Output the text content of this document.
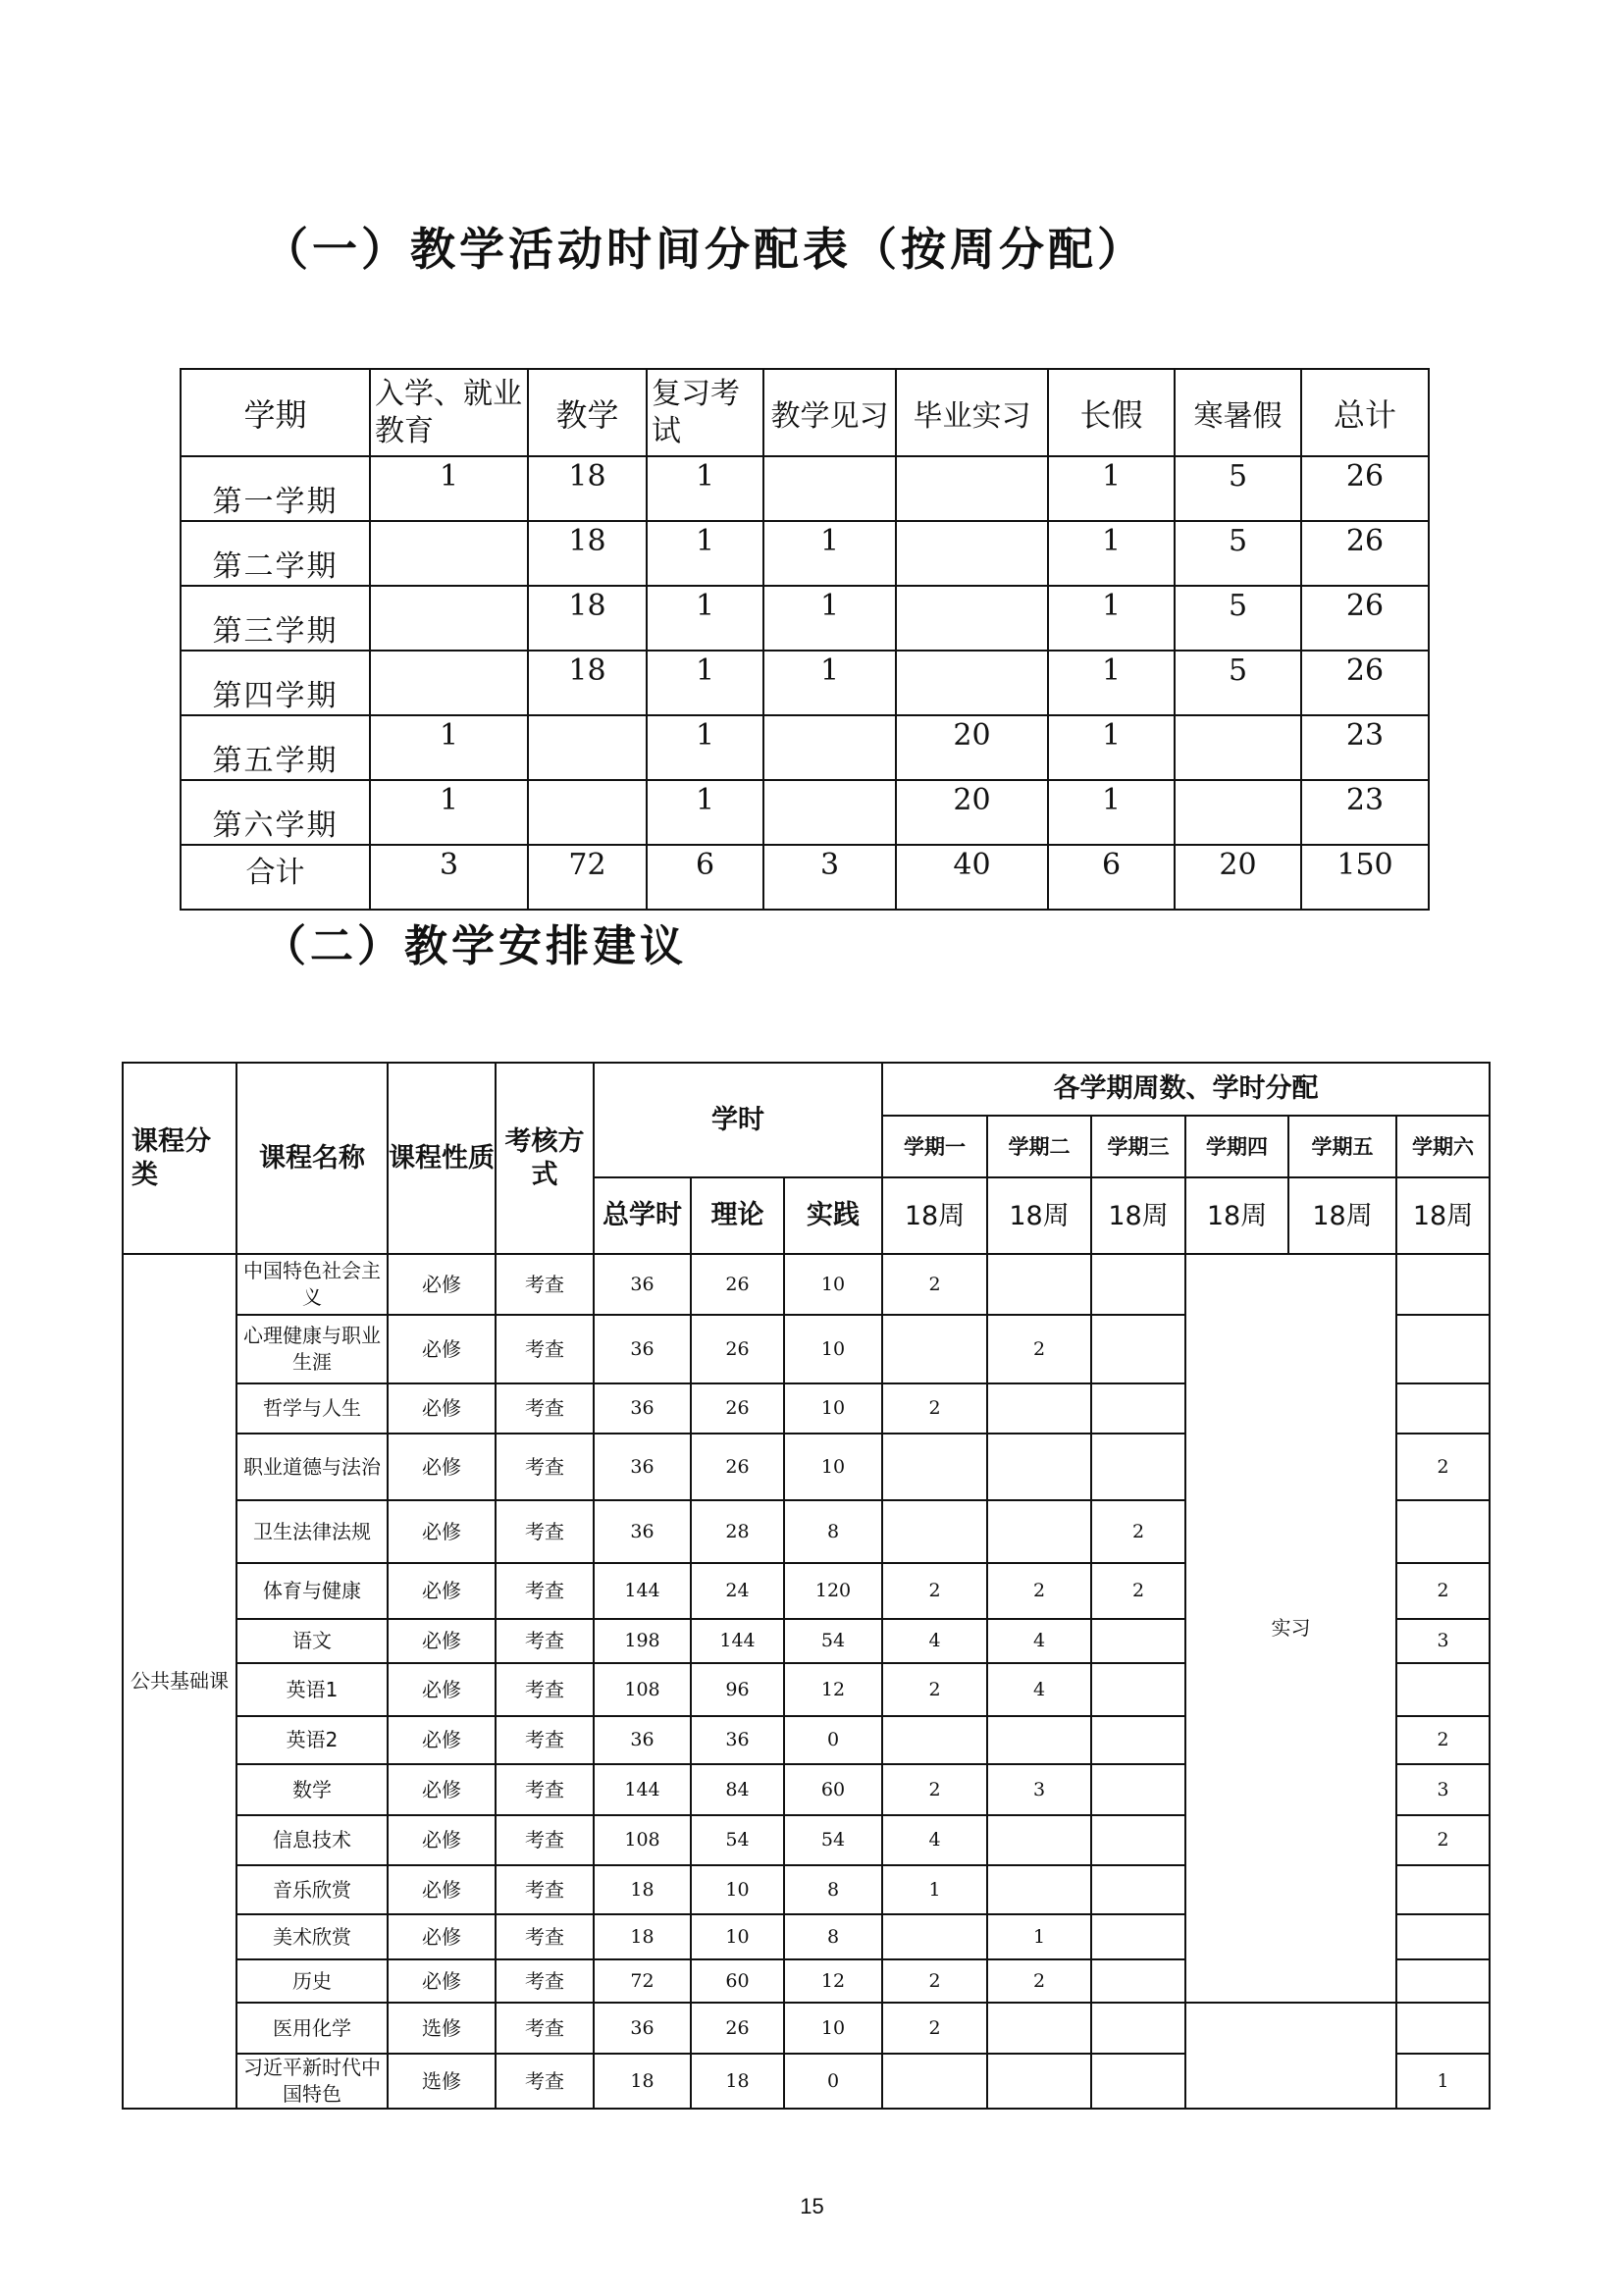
（一）教学活动时间分配表（按周分配）
学期	入学、就业教育	教学	复习考试	教学见习	毕业实习	长假	寒暑假	总计
第一学期	1	18	1			1	5	26
第二学期		18	1	1		1	5	26
第三学期		18	1	1		1	5	26
第四学期		18	1	1		1	5	26
第五学期	1		1		20	1		23
第六学期	1		1		20	1		23
合计	3	72	6	3	40	6	20	150
（二）教学安排建议
课程分类	课程名称	课程性质	考核方式	学时			各学期周数、学时分配					
							学期一	学期二	学期三	学期四	学期五	学期六
				总学时	理论	实践	18周	18周	18周	18周	18周	18周
公共基础课	中国特色社会主义	必修	考查	36	26	10	2			实习		
	心理健康与职业生涯	必修	考查	36	26	10		2				
	哲学与人生	必修	考查	36	26	10	2					
	职业道德与法治	必修	考查	36	26	10						2
	卫生法律法规	必修	考查	36	28	8			2			
	体育与健康	必修	考查	144	24	120	2	2	2			2
	语文	必修	考查	198	144	54	4	4				3
	英语1	必修	考查	108	96	12	2	4				
	英语2	必修	考查	36	36	0						2
	数学	必修	考查	144	84	60	2	3				3
	信息技术	必修	考查	108	54	54	4					2
	音乐欣赏	必修	考查	18	10	8	1					
	美术欣赏	必修	考查	18	10	8		1				
	历史	必修	考查	72	60	12	2	2				
	医用化学	选修	考查	36	26	10	2					
	习近平新时代中国特色	选修	考查	18	18	0						1
15
